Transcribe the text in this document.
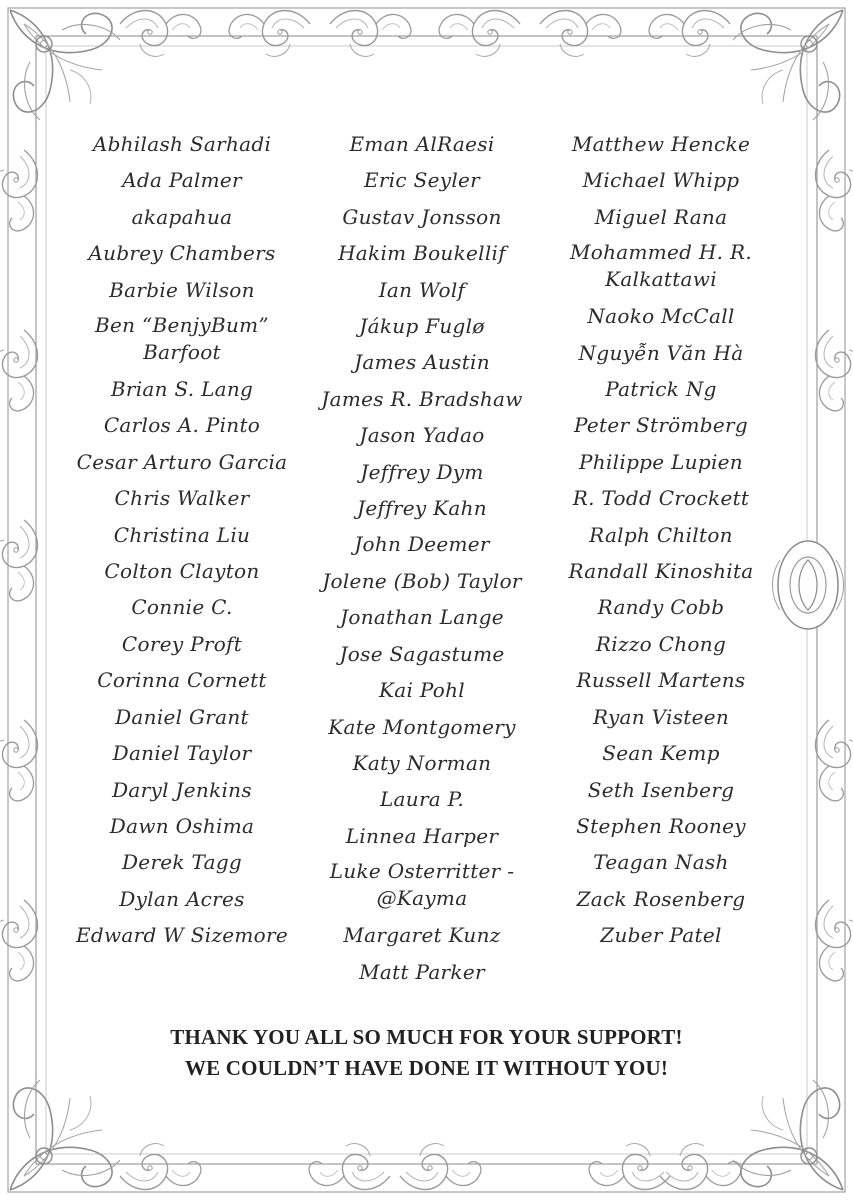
Abhilash Sarhadi
Ada Palmer
akapahua
Aubrey Chambers
Barbie Wilson
Ben “BenjyBum” Barfoot
Brian S. Lang
Carlos A. Pinto
Cesar Arturo Garcia
Chris Walker
Christina Liu
Colton Clayton
Connie C.
Corey Proft
Corinna Cornett
Daniel Grant
Daniel Taylor
Daryl Jenkins
Dawn Oshima
Derek Tagg
Dylan Acres
Edward W Sizemore
Eman AlRaesi
Eric Seyler
Gustav Jonsson
Hakim Boukellif
Ian Wolf
Jákup Fuglø
James Austin
James R. Bradshaw
Jason Yadao
Jeffrey Dym
Jeffrey Kahn
John Deemer
Jolene (Bob) Taylor
Jonathan Lange
Jose Sagastume
Kai Pohl
Kate Montgomery
Katy Norman
Laura P.
Linnea Harper
Luke Osterritter - @Kayma
Margaret Kunz
Matt Parker
Matthew Hencke
Michael Whipp
Miguel Rana
Mohammed H. R. Kalkattawi
Naoko McCall
Nguyễn Văn Hà
Patrick Ng
Peter Strömberg
Philippe Lupien
R. Todd Crockett
Ralph Chilton
Randall Kinoshita
Randy Cobb
Rizzo Chong
Russell Martens
Ryan Visteen
Sean Kemp
Seth Isenberg
Stephen Rooney
Teagan Nash
Zack Rosenberg
Zuber Patel
THANK YOU ALL SO MUCH FOR YOUR SUPPORT!
WE COULDN’T HAVE DONE IT WITHOUT YOU!
